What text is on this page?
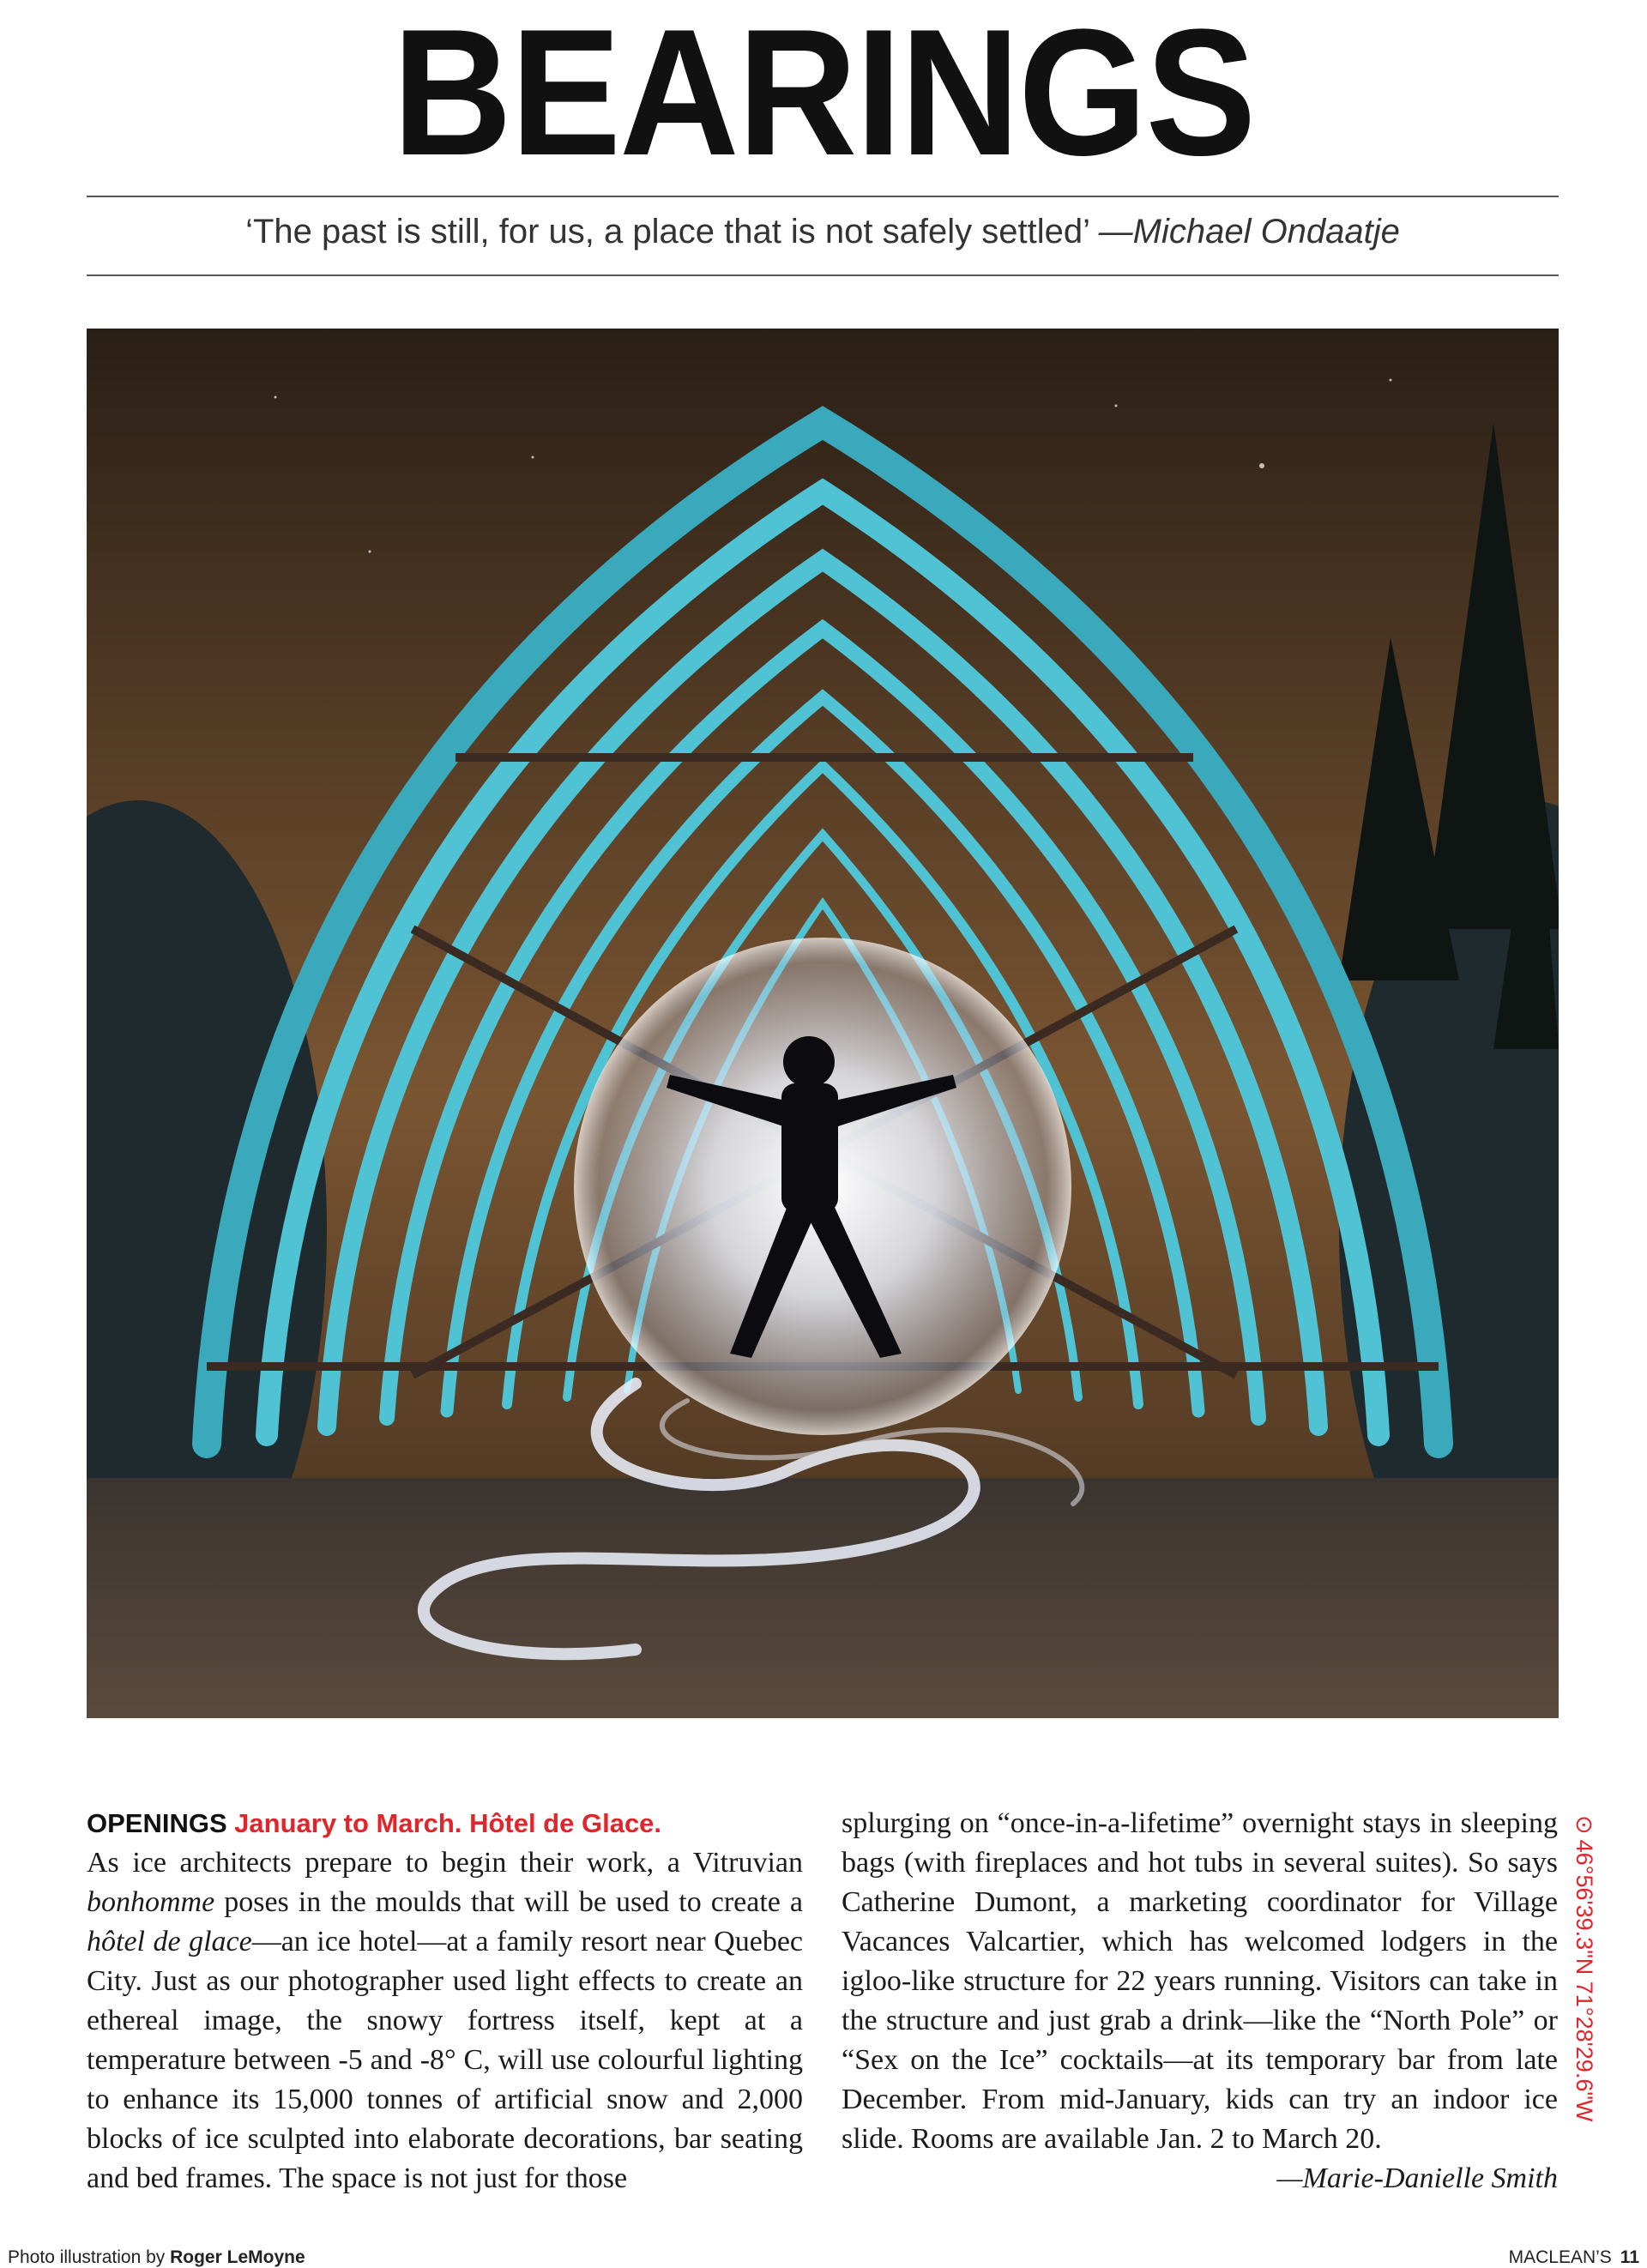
BEARINGS
‘The past is still, for us, a place that is not safely settled’ —Michael Ondaatje
OPENINGS January to March. Hôtel de Glace.
As ice architects prepare to begin their work, a Vitruvian bonhomme poses in the moulds that will be used to create a hôtel de glace—an ice hotel—at a family resort near Quebec City. Just as our photographer used light effects to create an ethereal image, the snowy fortress itself, kept at a temperature between -5 and -8° C, will use colourful lighting to enhance its 15,000 tonnes of artificial snow and 2,000 blocks of ice sculpted into elaborate decorations, bar seating and bed frames. The space is not just for those
splurging on “once-in-a-lifetime” overnight stays in sleeping bags (with fireplaces and hot tubs in several suites). So says Catherine Dumont, a marketing coordinator for Village Vacances Valcartier, which has welcomed lodgers in the igloo-like structure for 22 years running. Visitors can take in the structure and just grab a drink—like the “North Pole” or “Sex on the Ice” cocktails—at its temporary bar from late December. From mid-January, kids can try an indoor ice slide. Rooms are available Jan. 2 to March 20.
—Marie-Danielle Smith
⊙46°56'39.3"N 71°28'29.6"W
Photo illustration by Roger LeMoyne	MACLEAN’S 11
